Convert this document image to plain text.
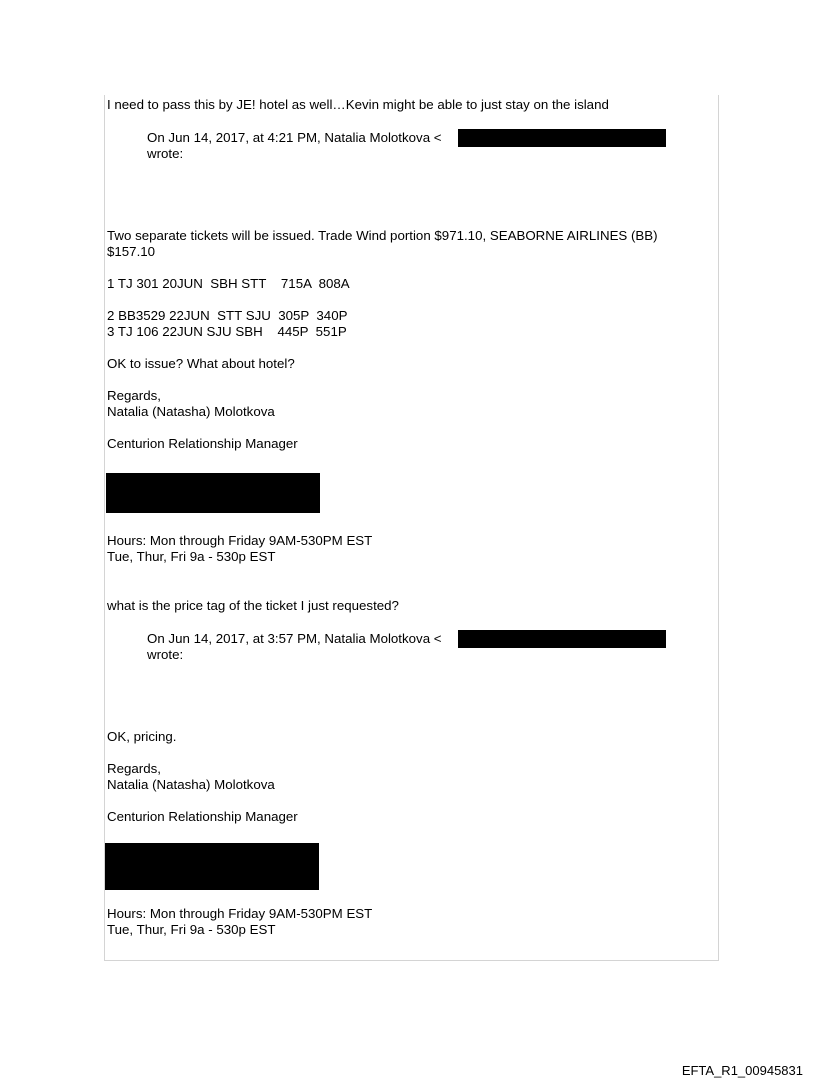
I need to pass this by JE! hotel as well…Kevin might be able to just stay on the island

On Jun 14, 2017, at 4:21 PM, Natalia Molotkova <

wrote:

Two separate tickets will be issued. Trade Wind portion $971.10, SEABORNE AIRLINES (BB)

$157.10

1 TJ 301 20JUN  SBH STT    715A  808A

2 BB3529 22JUN  STT SJU  305P  340P

3 TJ 106 22JUN SJU SBH    445P  551P

OK to issue? What about hotel?

Regards,

Natalia (Natasha) Molotkova

Centurion Relationship Manager

Hours: Mon through Friday 9AM-530PM EST

Tue, Thur, Fri 9a - 530p EST

what is the price tag of the ticket I just requested?

On Jun 14, 2017, at 3:57 PM, Natalia Molotkova <

wrote:

OK, pricing.

Regards,

Natalia (Natasha) Molotkova

Centurion Relationship Manager

Hours: Mon through Friday 9AM-530PM EST

Tue, Thur, Fri 9a - 530p EST

EFTA_R1_00945831
